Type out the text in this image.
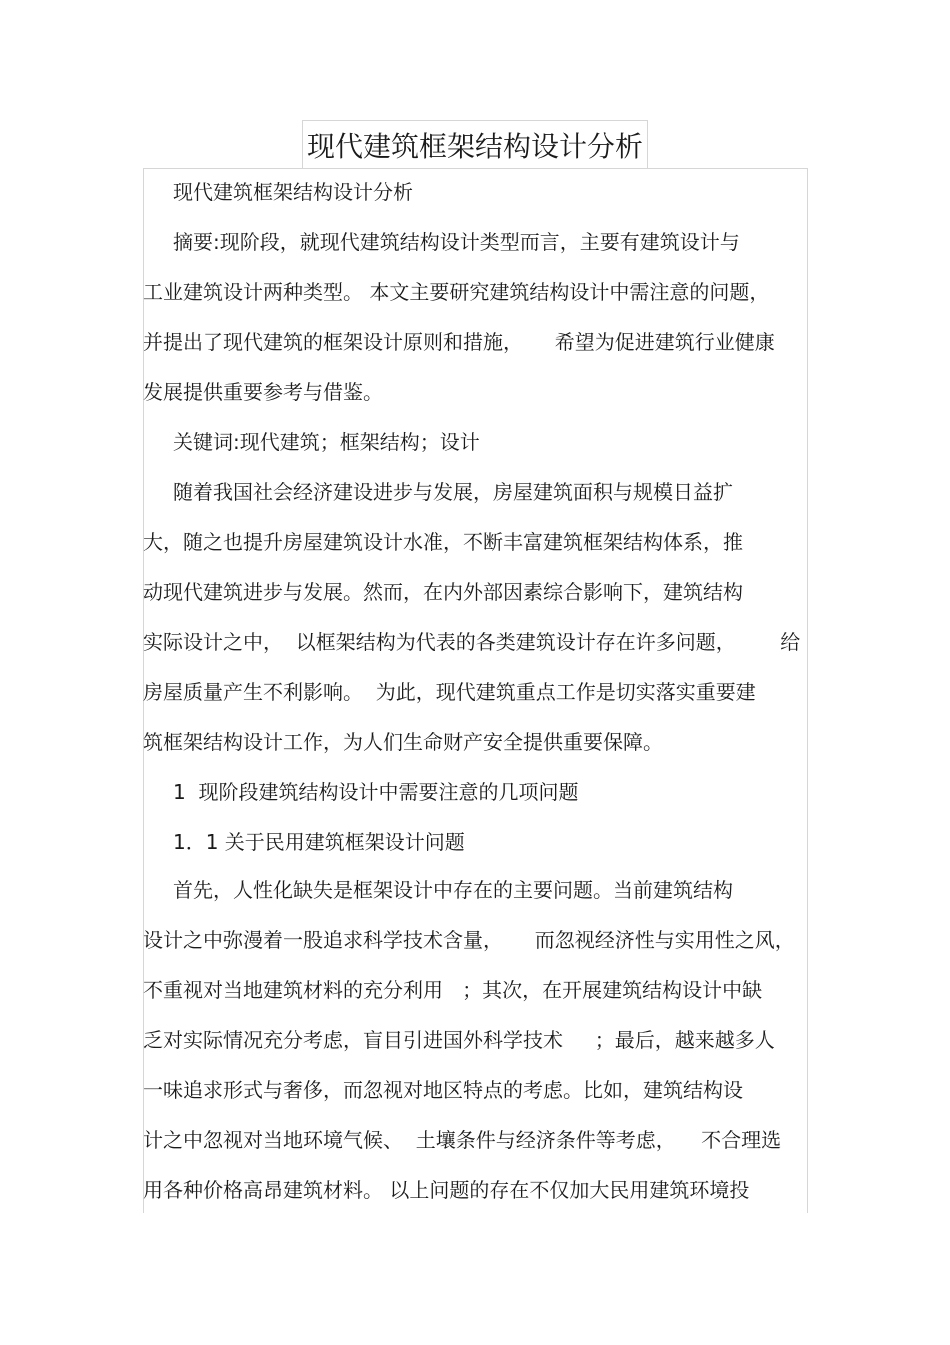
现代建筑框架结构设计分析
现代建筑框架结构设计分析
摘要:现阶段，就现代建筑结构设计类型而言，主要有建筑设计与
工业建筑设计两种类型。 本文主要研究建筑结构设计中需注意的问题，
并提出了现代建筑的框架设计原则和措施，     希望为促进建筑行业健康
发展提供重要参考与借鉴。
关键词:现代建筑；框架结构；设计
随着我国社会经济建设进步与发展，房屋建筑面积与规模日益扩
大，随之也提升房屋建筑设计水准，不断丰富建筑框架结构体系，推
动现代建筑进步与发展。然而，在内外部因素综合影响下，建筑结构
实际设计之中，  以框架结构为代表的各类建筑设计存在许多问题，       给
房屋质量产生不利影响。  为此，现代建筑重点工作是切实落实重要建
筑框架结构设计工作，为人们生命财产安全提供重要保障。
1  现阶段建筑结构设计中需要注意的几项问题
1．1 关于民用建筑框架设计问题
首先，人性化缺失是框架设计中存在的主要问题。当前建筑结构
设计之中弥漫着一股追求科学技术含量，     而忽视经济性与实用性之风，
不重视对当地建筑材料的充分利用   ；其次，在开展建筑结构设计中缺
乏对实际情况充分考虑，盲目引进国外科学技术     ；最后，越来越多人
一味追求形式与奢侈，而忽视对地区特点的考虑。比如，建筑结构设
计之中忽视对当地环境气候、  土壤条件与经济条件等考虑，    不合理选
用各种价格高昂建筑材料。 以上问题的存在不仅加大民用建筑环境投
